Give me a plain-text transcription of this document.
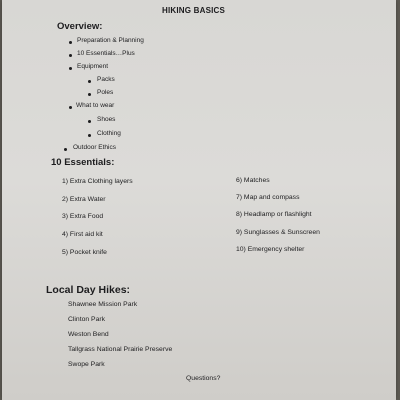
HIKING BASICS
Overview:
Preparation & Planning
10 Essentials…Plus
Equipment
Packs
Poles
What to wear
Shoes
Clothing
Outdoor Ethics
10 Essentials:
1) Extra Clothing layers
2) Extra Water
3) Extra Food
4) First aid kit
5) Pocket knife
6) Matches
7) Map and compass
8) Headlamp or flashlight
9) Sunglasses & Sunscreen
10) Emergency shelter
Local Day Hikes:
Shawnee Mission Park
Clinton Park
Weston Bend
Tallgrass National Prairie Preserve
Swope Park
Questions?
